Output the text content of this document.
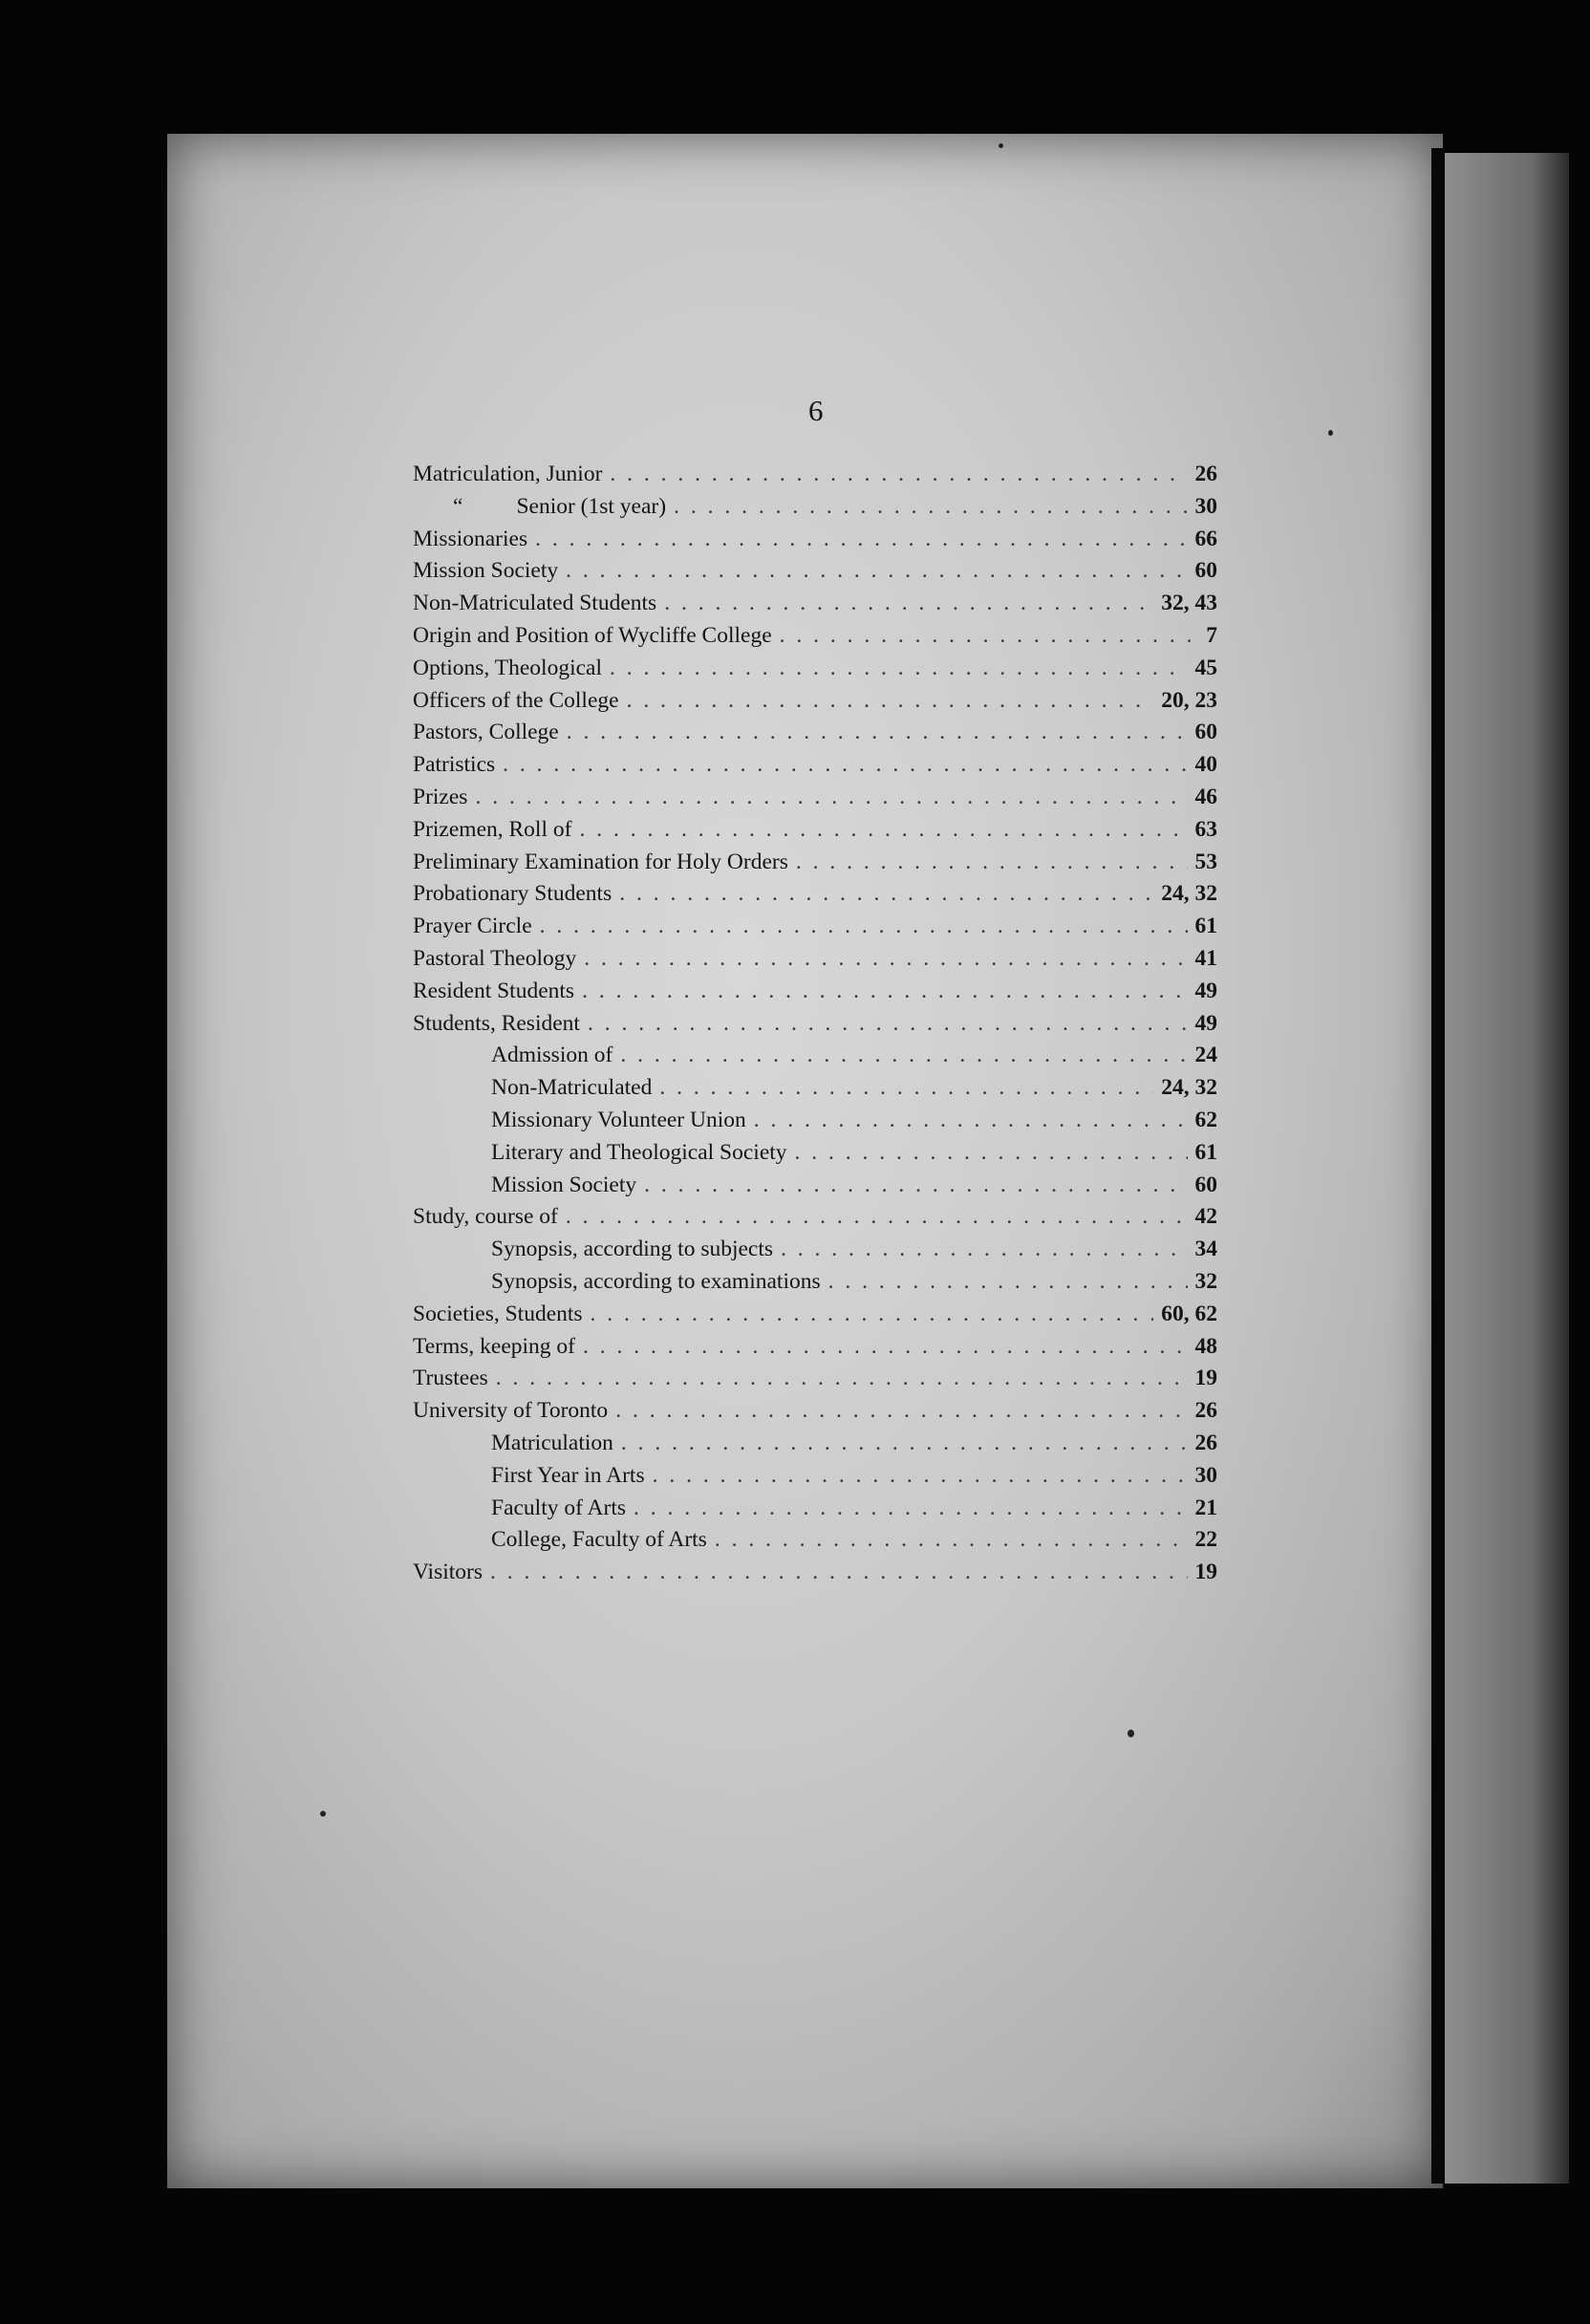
6
Matriculation, Junior . . .	26
“ Senior (1st year) . . .	30
Missionaries . . .	66
Mission Society . . .	60
Non-Matriculated Students . . .	32, 43
Origin and Position of Wycliffe College . . .	7
Options, Theological . . .	45
Officers of the College . . .	20, 23
Pastors, College . . .	60
Patristics . . .	40
Prizes . . .	46
Prizemen, Roll of . . .	63
Preliminary Examination for Holy Orders . . .	53
Probationary Students . . .	24, 32
Prayer Circle . . .	61
Pastoral Theology . . .	41
Resident Students . . .	49
Students, Resident . . .	49
Admission of . . .	24
Non-Matriculated . . .	24, 32
Missionary Volunteer Union . . .	62
Literary and Theological Society . . .	61
Mission Society . . .	60
Study, course of . . .	42
Synopsis, according to subjects . . .	34
Synopsis, according to examinations . . .	32
Societies, Students . . .	60, 62
Terms, keeping of . . .	48
Trustees . . .	19
University of Toronto . . .	26
Matriculation . . .	26
First Year in Arts . . .	30
Faculty of Arts . . .	21
College, Faculty of Arts . . .	22
Visitors . . .	19
